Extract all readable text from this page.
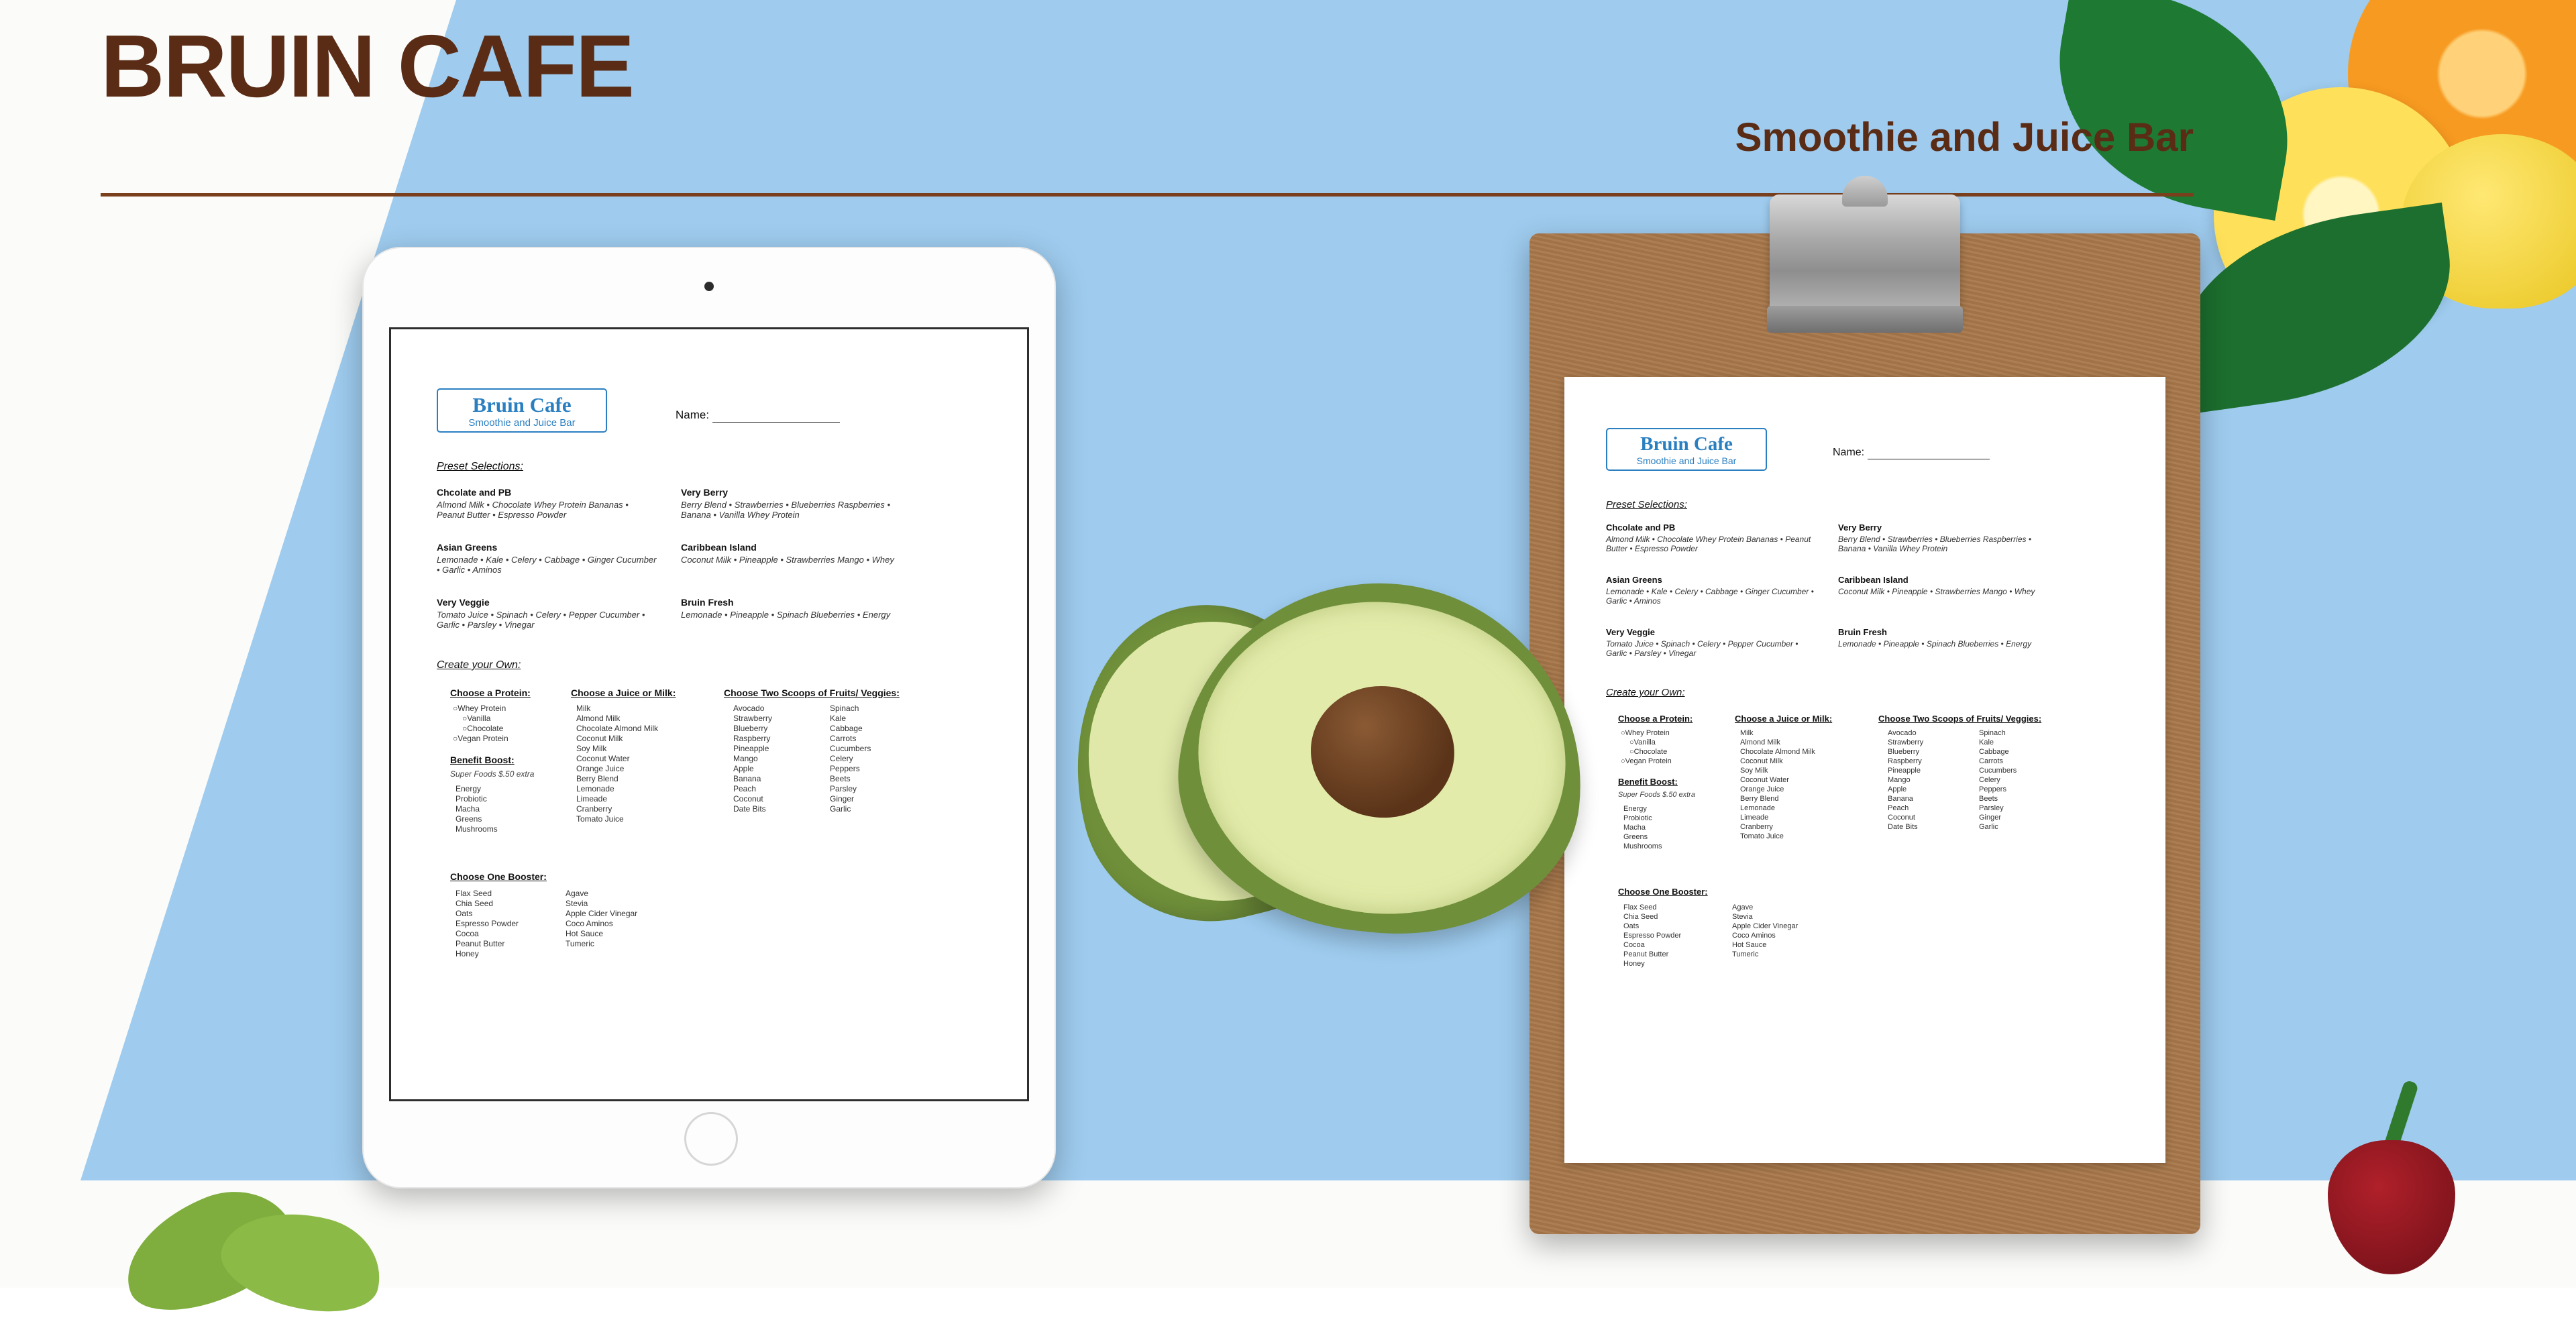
BRUIN CAFE
Smoothie and Juice Bar
Bruin Cafe
Smoothie and Juice Bar
Name:
Preset Selections:
Chcolate and PB
Almond Milk • Chocolate Whey Protein Bananas • Peanut Butter • Espresso Powder
Asian Greens
Lemonade • Kale • Celery • Cabbage • Ginger Cucumber • Garlic • Aminos
Very Veggie
Tomato Juice • Spinach • Celery • Pepper Cucumber • Garlic • Parsley • Vinegar
Very Berry
Berry Blend • Strawberries • Blueberries Raspberries • Banana • Vanilla Whey Protein
Caribbean Island
Coconut Milk • Pineapple • Strawberries Mango • Whey
Bruin Fresh
Lemonade • Pineapple • Spinach Blueberries • Energy
Create your Own:
Choose a Protein:
○Whey Protein
○Vanilla
○Chocolate
○Vegan Protein
Benefit Boost:
Super Foods $.50 extra
Energy
Probiotic
Macha
Greens
Mushrooms
Choose a Juice or Milk:
Milk
Almond Milk
Chocolate Almond Milk
Coconut Milk
Soy Milk
Coconut Water
Orange Juice
Berry Blend
Lemonade
Limeade
Cranberry
Tomato Juice
Choose Two Scoops of Fruits/ Veggies:
Avocado
Strawberry
Blueberry
Raspberry
Pineapple
Mango
Apple
Banana
Peach
Coconut
Date Bits
Spinach
Kale
Cabbage
Carrots
Cucumbers
Celery
Peppers
Beets
Parsley
Ginger
Garlic
Choose One Booster:
Flax Seed
Chia Seed
Oats
Espresso Powder
Cocoa
Peanut Butter
Honey
Agave
Stevia
Apple Cider Vinegar
Coco Aminos
Hot Sauce
Tumeric
Bruin Cafe
Smoothie and Juice Bar
Name:
Preset Selections:
Chcolate and PB
Almond Milk • Chocolate Whey Protein Bananas • Peanut Butter • Espresso Powder
Asian Greens
Lemonade • Kale • Celery • Cabbage • Ginger Cucumber • Garlic • Aminos
Very Veggie
Tomato Juice • Spinach • Celery • Pepper Cucumber • Garlic • Parsley • Vinegar
Very Berry
Berry Blend • Strawberries • Blueberries Raspberries • Banana • Vanilla Whey Protein
Caribbean Island
Coconut Milk • Pineapple • Strawberries Mango • Whey
Bruin Fresh
Lemonade • Pineapple • Spinach Blueberries • Energy
Create your Own:
Choose a Protein:
○Whey Protein
○Vanilla
○Chocolate
○Vegan Protein
Benefit Boost:
Super Foods $.50 extra
Energy
Probiotic
Macha
Greens
Mushrooms
Choose a Juice or Milk:
Milk
Almond Milk
Chocolate Almond Milk
Coconut Milk
Soy Milk
Coconut Water
Orange Juice
Berry Blend
Lemonade
Limeade
Cranberry
Tomato Juice
Choose Two Scoops of Fruits/ Veggies:
Avocado
Strawberry
Blueberry
Raspberry
Pineapple
Mango
Apple
Banana
Peach
Coconut
Date Bits
Spinach
Kale
Cabbage
Carrots
Cucumbers
Celery
Peppers
Beets
Parsley
Ginger
Garlic
Choose One Booster:
Flax Seed
Chia Seed
Oats
Espresso Powder
Cocoa
Peanut Butter
Honey
Agave
Stevia
Apple Cider Vinegar
Coco Aminos
Hot Sauce
Tumeric
